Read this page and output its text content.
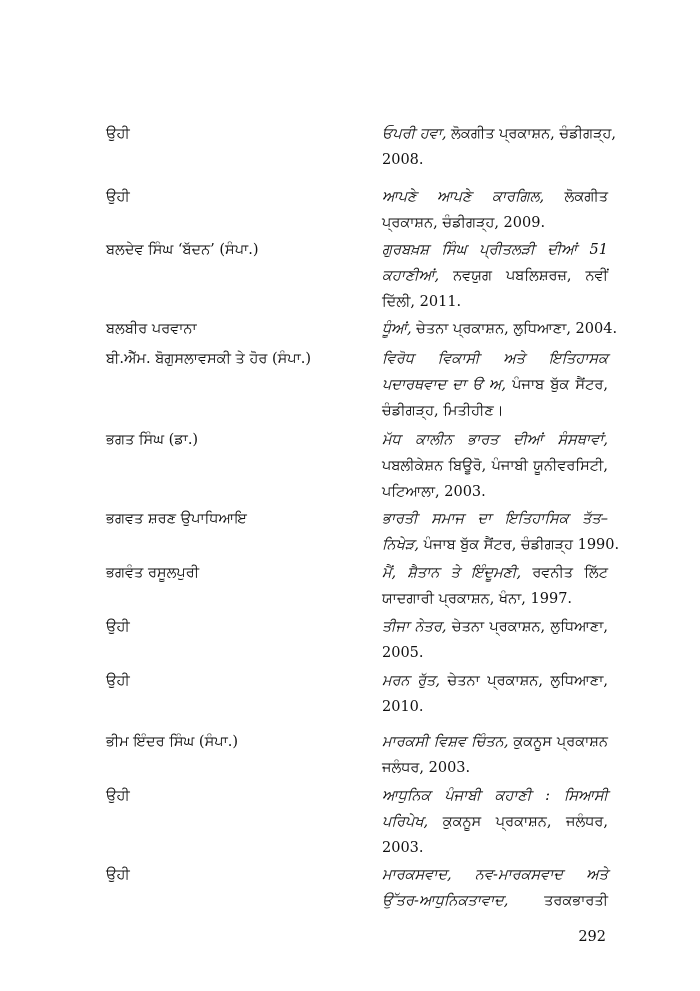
ਉਹੀ	ਓਪਰੀ ਹਵਾ, ਲੋਕਗੀਤ ਪ੍ਰਕਾਸ਼ਨ, ਚੰਡੀਗੜ੍ਹ,
2008.
ਉਹੀ	ਆਪਣੇ ਆਪਣੇ ਕਾਰਗਿਲ, ਲੋਕਗੀਤ
ਪ੍ਰਕਾਸ਼ਨ, ਚੰਡੀਗੜ੍ਹ, 2009.
ਬਲਦੇਵ ਸਿੰਘ ‘ਬੱਦਨ’ (ਸੰਪਾ.)	ਗੁਰਬਖ਼ਸ਼ ਸਿੰਘ ਪ੍ਰੀਤਲੜੀ ਦੀਆਂ 51
ਕਹਾਣੀਆਂ, ਨਵਯੁਗ ਪਬਲਿਸ਼ਰਜ਼, ਨਵੀਂ
ਦਿੱਲੀ, 2011.
ਬਲਬੀਰ ਪਰਵਾਨਾ	ਧੂੰਆਂ, ਚੇਤਨਾ ਪ੍ਰਕਾਸ਼ਨ, ਲੁਧਿਆਣਾ, 2004.
ਬੀ.ਐੱਮ. ਬੋਗੁਸਲਾਵਸਕੀ ਤੇ ਹੋਰ (ਸੰਪਾ.)	ਵਿਰੋਧ ਵਿਕਾਸੀ ਅਤੇ ਇਤਿਹਾਸਕ
ਪਦਾਰਥਵਾਦ ਦਾ ੳ ਅ, ਪੰਜਾਬ ਬੁੱਕ ਸੈਂਟਰ,
ਚੰਡੀਗੜ੍ਹ, ਮਿਤੀਹੀਣ।
ਭਗਤ ਸਿੰਘ (ਡਾ.)	ਮੱਧ ਕਾਲੀਨ ਭਾਰਤ ਦੀਆਂ ਸੰਸਥਾਵਾਂ,
ਪਬਲੀਕੇਸ਼ਨ ਬਿਊਰੋ, ਪੰਜਾਬੀ ਯੂਨੀਵਰਸਿਟੀ,
ਪਟਿਆਲਾ, 2003.
ਭਗਵਤ ਸ਼ਰਣ ਉਪਾਧਿਆਇ	ਭਾਰਤੀ ਸਮਾਜ ਦਾ ਇਤਿਹਾਸਿਕ ਤੱਤ–
ਨਿਖੇੜ, ਪੰਜਾਬ ਬੁੱਕ ਸੈਂਟਰ, ਚੰਡੀਗੜ੍ਹ 1990.
ਭਗਵੰਤ ਰਸੂਲਪੁਰੀ	ਮੈਂ, ਸ਼ੈਤਾਨ ਤੇ ਇੰਦੂਮਣੀ, ਰਵਨੀਤ ਲਿੱਟ
ਯਾਦਗਾਰੀ ਪ੍ਰਕਾਸ਼ਨ, ਖੰਨਾ, 1997.
ਉਹੀ	ਤੀਜਾ ਨੇਤਰ, ਚੇਤਨਾ ਪ੍ਰਕਾਸ਼ਨ, ਲੁਧਿਆਣਾ,
2005.
ਉਹੀ	ਮਰਨ ਰੁੱਤ, ਚੇਤਨਾ ਪ੍ਰਕਾਸ਼ਨ, ਲੁਧਿਆਣਾ,
2010.
ਭੀਮ ਇੰਦਰ ਸਿੰਘ (ਸੰਪਾ.)	ਮਾਰਕਸੀ ਵਿਸ਼ਵ ਚਿੰਤਨ, ਕੁਕਨੂਸ ਪ੍ਰਕਾਸ਼ਨ
ਜਲੰਧਰ, 2003.
ਉਹੀ	ਆਧੁਨਿਕ ਪੰਜਾਬੀ ਕਹਾਣੀ : ਸਿਆਸੀ
ਪਰਿਪੇਖ, ਕੁਕਨੂਸ ਪ੍ਰਕਾਸ਼ਨ, ਜਲੰਧਰ,
2003.
ਉਹੀ	ਮਾਰਕਸਵਾਦ, ਨਵ-ਮਾਰਕਸਵਾਦ ਅਤੇ
ਉੱਤਰ-ਆਧੁਨਿਕਤਾਵਾਦ, ਤਰਕਭਾਰਤੀ
292
